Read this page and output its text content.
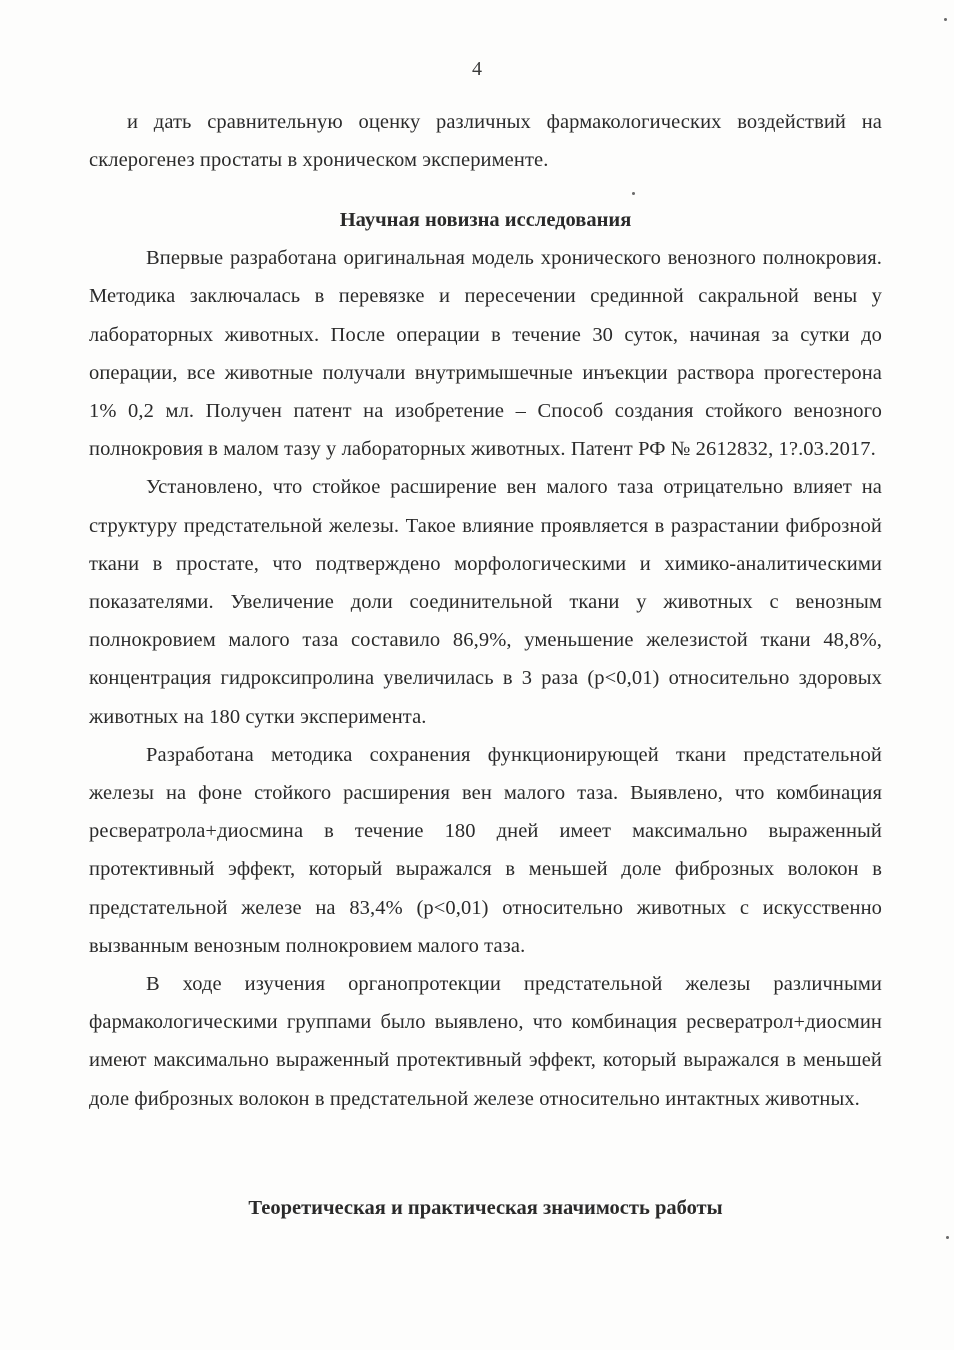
4

и дать сравнительную оценку различных фармакологических воздействий на склерогенез простаты в хроническом эксперименте.

Научная новизна исследования

Впервые разработана оригинальная модель хронического венозного полнокровия. Методика заключалась в перевязке и пересечении срединной сакральной вены у лабораторных животных. После операции в течение 30 суток, начиная за сутки до операции, все животные получали внутримышечные инъекции раствора прогестерона 1% 0,2 мл. Получен патент на изобретение – Способ создания стойкого венозного полнокровия в малом тазу у лабораторных животных. Патент РФ № 2612832, 1?.03.2017.

Установлено, что стойкое расширение вен малого таза отрицательно влияет на структуру предстательной железы. Такое влияние проявляется в разрастании фиброзной ткани в простате, что подтверждено морфологическими и химико-аналитическими показателями. Увеличение доли соединительной ткани у животных с венозным полнокровием малого таза составило 86,9%, уменьшение железистой ткани 48,8%, концентрация гидроксипролина увеличилась в 3 раза (р<0,01) относительно здоровых животных на 180 сутки эксперимента.

Разработана методика сохранения функционирующей ткани предстательной железы на фоне стойкого расширения вен малого таза. Выявлено, что комбинация ресвератрола+диосмина в течение 180 дней имеет максимально выраженный протективный эффект, который выражался в меньшей доле фиброзных волокон в предстательной железе на 83,4% (р<0,01) относительно животных с искусственно вызванным венозным полнокровием малого таза.

В ходе изучения органопротекции предстательной железы различными фармакологическими группами было выявлено, что комбинация ресвератрол+диосмин имеют максимально выраженный протективный эффект, который выражался в меньшей доле фиброзных волокон в предстательной железе относительно интактных животных.

Теоретическая и практическая значимость работы
